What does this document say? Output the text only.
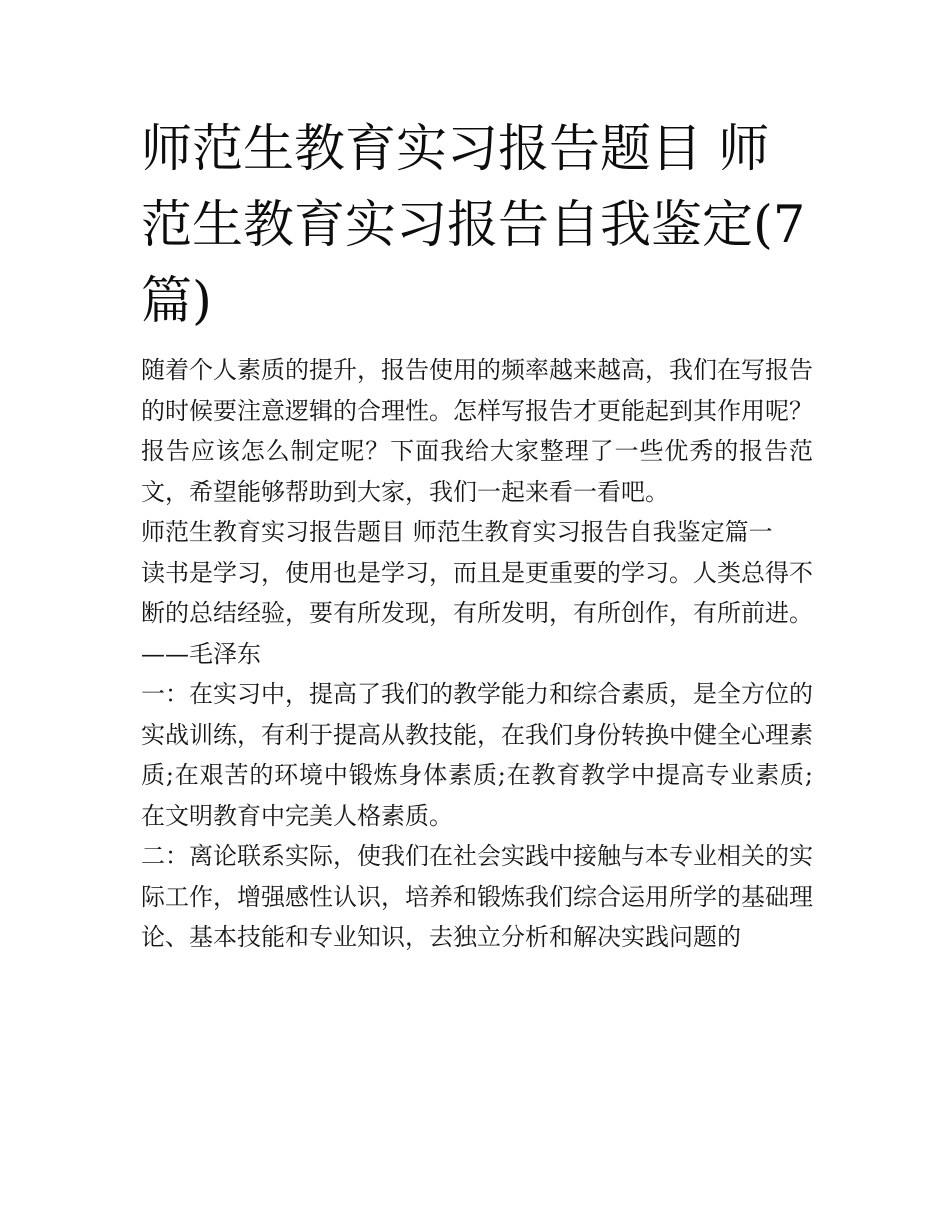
师范生教育实习报告题目 师范生教育实习报告自我鉴定(7篇)

随着个人素质的提升，报告使用的频率越来越高，我们在写报告的时候要注意逻辑的合理性。怎样写报告才更能起到其作用呢？报告应该怎么制定呢？下面我给大家整理了一些优秀的报告范文，希望能够帮助到大家，我们一起来看一看吧。

师范生教育实习报告题目 师范生教育实习报告自我鉴定篇一

读书是学习，使用也是学习，而且是更重要的学习。人类总得不断的总结经验，要有所发现，有所发明，有所创作，有所前进。 ——毛泽东

一：在实习中，提高了我们的教学能力和综合素质，是全方位的实战训练，有利于提高从教技能，在我们身份转换中健全心理素质;在艰苦的环境中锻炼身体素质;在教育教学中提高专业素质;在文明教育中完美人格素质。

二：离论联系实际，使我们在社会实践中接触与本专业相关的实际工作，增强感性认识，培养和锻炼我们综合运用所学的基础理论、基本技能和专业知识，去独立分析和解决实践问题的
